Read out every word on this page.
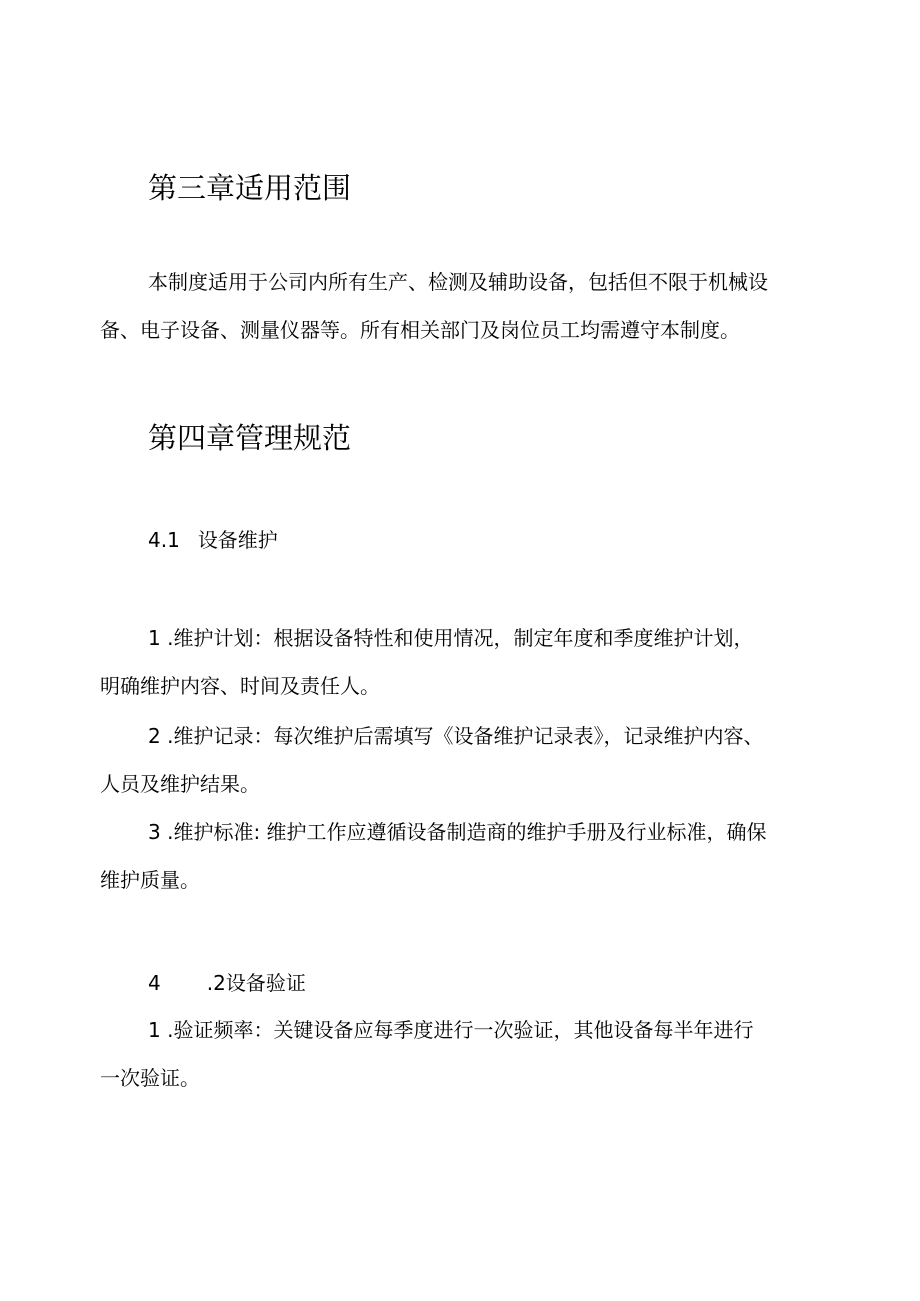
第三章适用范围
本制度适用于公司内所有生产、检测及辅助设备，包括但不限于机械设
备、电子设备、测量仪器等。所有相关部门及岗位员工均需遵守本制度。
第四章管理规范
4.1 设备维护
1 .维护计划：根据设备特性和使用情况，制定年度和季度维护计划，
明确维护内容、时间及责任人。
2 .维护记录：每次维护后需填写《设备维护记录表》，记录维护内容、
人员及维护结果。
3 .维护标准: 维护工作应遵循设备制造商的维护手册及行业标准，确保
维护质量。
4 .2设备验证
1 .验证频率：关键设备应每季度进行一次验证，其他设备每半年进行
一次验证。
